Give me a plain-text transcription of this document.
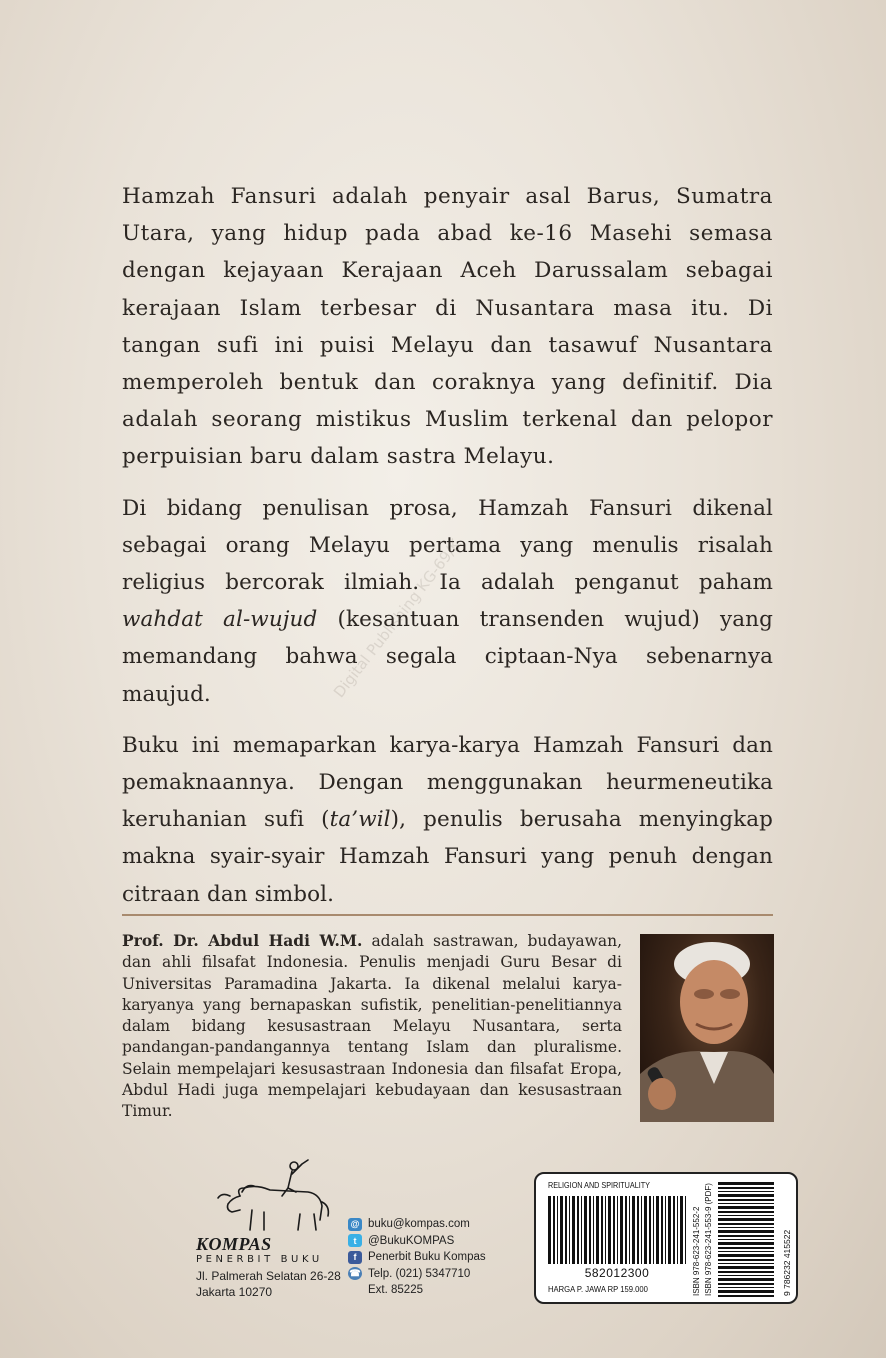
Hamzah Fansuri adalah penyair asal Barus, Sumatra Utara, yang hidup pada abad ke-16 Masehi semasa dengan kejayaan Kerajaan Aceh Darussalam sebagai kerajaan Islam terbesar di Nusantara masa itu. Di tangan sufi ini puisi Melayu dan tasawuf Nusantara memperoleh bentuk dan coraknya yang definitif. Dia adalah seorang mistikus Muslim terkenal dan pelopor perpuisian baru dalam sastra Melayu.

Di bidang penulisan prosa, Hamzah Fansuri dikenal sebagai orang Melayu pertama yang menulis risalah religius bercorak ilmiah. Ia adalah penganut paham wahdat al-wujud (kesantuan transenden wujud) yang memandang bahwa segala ciptaan-Nya sebenarnya maujud.

Buku ini memaparkan karya-karya Hamzah Fansuri dan pemaknaannya. Dengan menggunakan heurmeneutika keruhanian sufi (ta’wil), penulis berusaha menyingkap makna syair-syair Hamzah Fansuri yang penuh dengan citraan dan simbol.

Digital Publishing KG-69/K
Prof. Dr. Abdul Hadi W.M. adalah sastrawan, budayawan, dan ahli filsafat Indonesia. Penulis menjadi Guru Besar di Universitas Paramadina Jakarta. Ia dikenal melalui karya-karyanya yang bernapaskan sufistik, penelitian-penelitiannya dalam bidang kesusastraan Melayu Nusantara, serta pandangan-pandangannya tentang Islam dan pluralisme. Selain mempelajari kesusastraan Indonesia dan filsafat Eropa, Abdul Hadi juga mempelajari kebudayaan dan kesusastraan Timur.
KOMPAS
PENERBIT BUKU
Jl. Palmerah Selatan 26-28
Jakarta 10270
@ buku@kompas.com
t	@BukuKOMPAS
f	Penerbit Buku Kompas
☎ Telp. (021) 5347710
Ext. 85225
RELIGION AND SPIRITUALITY
582012300
HARGA P. JAWA RP 159.000	ISBN 978-623-241-552-2 ISBN 978-623-241-553-9 (PDF)	9 786232 415522
